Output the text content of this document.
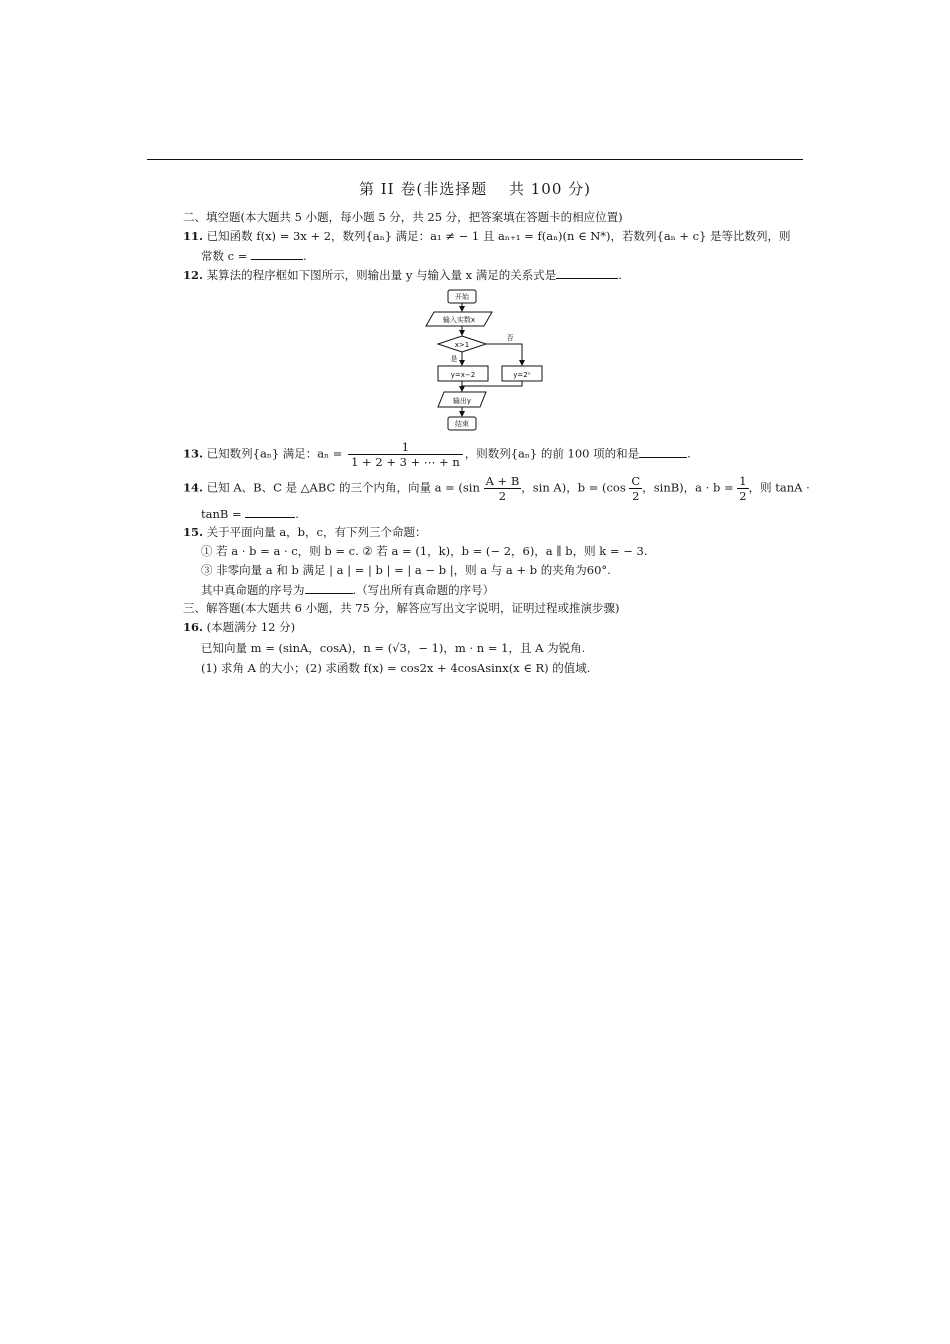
第 II 卷(非选择题　 共 100 分)
二、填空题(本大题共 5 小题，每小题 5 分，共 25 分，把答案填在答题卡的相应位置)
11. 已知函数 f(x) = 3x + 2，数列{aₙ} 满足：a₁ ≠ − 1 且 aₙ₊₁ = f(aₙ)(n ∈ N*)，若数列{aₙ + c} 是等比数列，则
常数 c =	.
12. 某算法的程序框如下图所示，则输出量 y 与输入量 x 满足的关系式是	.
开始
输入实数x
x>1
否
是
y=x−2	y=2ˣ
输出y
结束
13. 已知数列{aₙ} 满足：$a_n = \frac{1}{1 + 2 + 3 + \cdots + n}$ ，则数列{aₙ} 的前 100 项的和是	.
14. 已知 A、B、C 是 △ABC 的三个内角，向量 $a = (\sin \frac{A + B}{2}$ ，sin A)，$b = (\cos \frac{C}{2}$ ，sinB)，$a \cdot b = \frac{1}{2}$ ，则 tanA ·
tanB =	.
15. 关于平面向量 a，b，c，有下列三个命题：
① 若 a · b = a · c，则 b = c. ② 若 a = (1，k)，b = (− 2，6)，a ∥ b，则 k = − 3.
③ 非零向量 a 和 b 满足 | a | = | b | = | a − b |，则 a 与 a + b 的夹角为60°.
其中真命题的序号为	.（写出所有真命题的序号）
三、解答题(本大题共 6 小题，共 75 分，解答应写出文字说明，证明过程或推演步骤)
16. (本题满分 12 分)
已知向量 m = (sinA，cosA)，n = (√3，− 1)，m · n = 1，且 A 为锐角.
(1) 求角 A 的大小；(2) 求函数 f(x) = cos2x + 4cosAsinx(x ∈ R) 的值域.
